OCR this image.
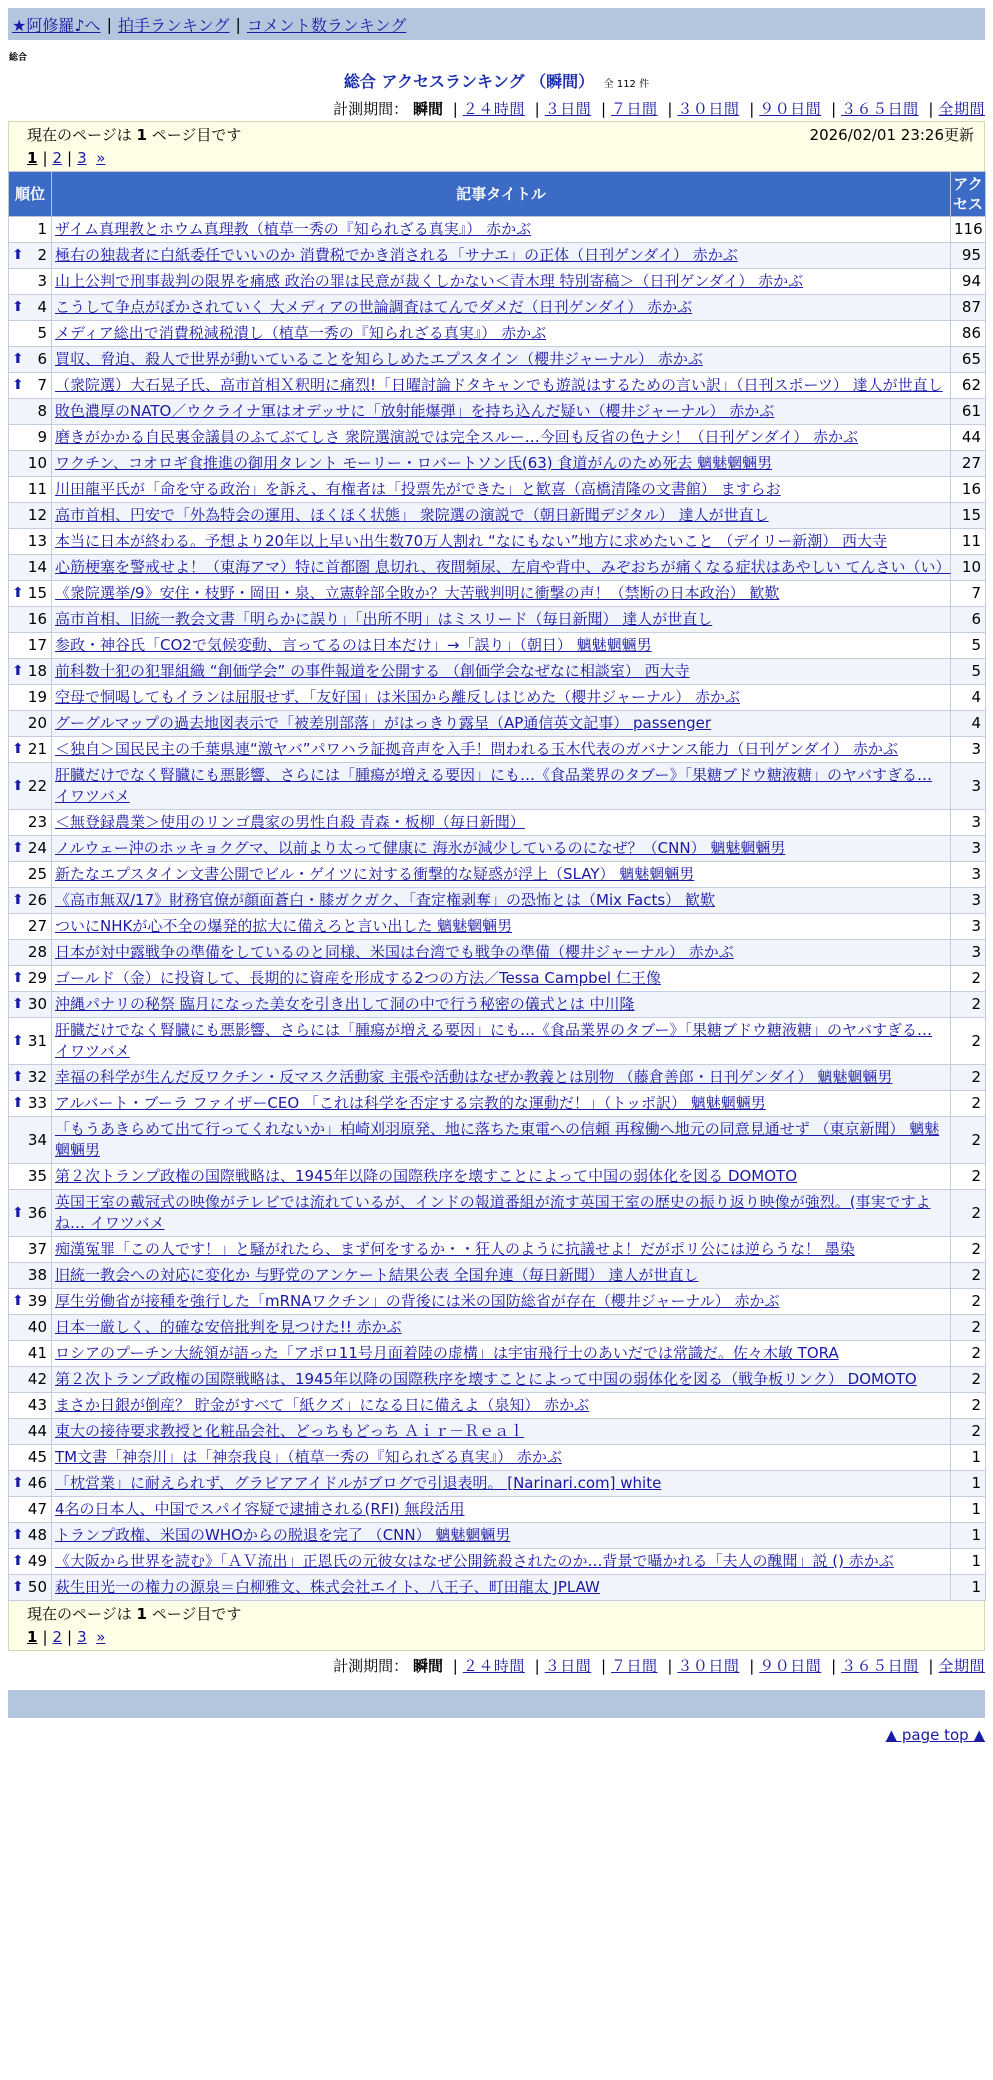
★阿修羅♪へ | 拍手ランキング | コメント数ランキング
総合
総合 アクセスランキング （瞬間） 全 112 件
計測期間： 瞬間 | ２４時間 | ３日間 | ７日間 | ３０日間 | ９０日間 | ３６５日間 | 全期間
現在のページは 1 ページ目です	2026/02/01 23:26更新
1 | 2 | 3 »
順位	記事タイトル	アクセス
1	ザイム真理教とホウム真理教（植草一秀の『知られざる真実』） 赤かぶ	116

⬆ 2	極右の独裁者に白紙委任でいいのか 消費税でかき消される「サナエ」の正体（日刊ゲンダイ） 赤かぶ	95
3	山上公判で刑事裁判の限界を痛感 政治の罪は民意が裁くしかない＜青木理 特別寄稿＞（日刊ゲンダイ） 赤かぶ	94

⬆ 4	こうして争点がぼかされていく 大メディアの世論調査はてんでダメだ（日刊ゲンダイ） 赤かぶ	87
5	メディア総出で消費税減税潰し（植草一秀の『知られざる真実』） 赤かぶ	86

⬆ 6	買収、脅迫、殺人で世界が動いていることを知らしめたエプスタイン（櫻井ジャーナル） 赤かぶ	65

⬆ 7	（衆院選）大石晃子氏、高市首相Ｘ釈明に痛烈!「日曜討論ドタキャンでも遊説はするための言い訳」（日刊スポーツ） 達人が世直し	62
8	敗色濃厚のNATO／ウクライナ軍はオデッサに「放射能爆弾」を持ち込んだ疑い（櫻井ジャーナル） 赤かぶ	61
9	磨きがかかる自民裏金議員のふてぶてしさ 衆院選演説では完全スルー…今回も反省の色ナシ！（日刊ゲンダイ） 赤かぶ	44
10	ワクチン、コオロギ食推進の御用タレント モーリー・ロバートソン氏(63) 食道がんのため死去 魑魅魍魎男	27
11	川田龍平氏が「命を守る政治」を訴え、有権者は「投票先ができた」と歓喜（高橋清隆の文書館） ますらお	16
12	高市首相、円安で「外為特会の運用、ほくほく状態」 衆院選の演説で（朝日新聞デジタル） 達人が世直し	15
13	本当に日本が終わる。予想より20年以上早い出生数70万人割れ “なにもない”地方に求めたいこと （デイリー新潮） 西大寺	11
14	心筋梗塞を警戒せよ！（東海アマ）特に首都圏 息切れ、夜間頻尿、左肩や背中、みぞおちが痛くなる症状はあやしい てんさい（い）	10

⬆ 15	《衆院選挙/9》安住・枝野・岡田・泉、立憲幹部全敗か？大苦戦判明に衝撃の声！（禁断の日本政治） 歓歎	7
16	高市首相、旧統一教会文書「明らかに誤り」「出所不明」はミスリード（毎日新聞） 達人が世直し	6
17	参政・神谷氏「CO2で気候変動、言ってるのは日本だけ」→「誤り」（朝日） 魑魅魍魎男	5

⬆ 18	前科数十犯の犯罪組織 “創価学会” の事件報道を公開する （創価学会なぜなに相談室） 西大寺	5
19	空母で恫喝してもイランは屈服せず、「友好国」は米国から離反しはじめた（櫻井ジャーナル） 赤かぶ	4
20	グーグルマップの過去地図表示で「被差別部落」がはっきり露呈（AP通信英文記事） passenger	4

⬆ 21	＜独自＞国民民主の千葉県連“激ヤバ”パワハラ証拠音声を入手！問われる玉木代表のガバナンス能力（日刊ゲンダイ） 赤かぶ	3

⬆ 22	肝臓だけでなく腎臓にも悪影響、さらには「腫瘍が増える要因」にも…《食品業界のタブー》「果糖ブドウ糖液糖」のヤバすぎる… イワツバメ	3
23	＜無登録農業＞使用のリンゴ農家の男性自殺 青森・板柳（毎日新聞）	3

⬆ 24	ノルウェー沖のホッキョクグマ、以前より太って健康に 海氷が減少しているのになぜ？（CNN） 魑魅魍魎男	3
25	新たなエプスタイン文書公開でビル・ゲイツに対する衝撃的な疑惑が浮上（SLAY） 魑魅魍魎男	3

⬆ 26	《高市無双/17》財務官僚が顔面蒼白・膝ガクガク、「査定権剥奪」の恐怖とは（Mix Facts） 歓歎	3
27	ついにNHKが心不全の爆発的拡大に備えろと言い出した 魑魅魍魎男	3
28	日本が対中露戦争の準備をしているのと同様、米国は台湾でも戦争の準備（櫻井ジャーナル） 赤かぶ	3

⬆ 29	ゴールド（金）に投資して、長期的に資産を形成する2つの方法／Tessa Campbel 仁王像	2

⬆ 30	沖縄パナリの秘祭 臨月になった美女を引き出して洞の中で行う秘密の儀式とは 中川隆	2

⬆ 31	肝臓だけでなく腎臓にも悪影響、さらには「腫瘍が増える要因」にも…《食品業界のタブー》「果糖ブドウ糖液糖」のヤバすぎる… イワツバメ	2

⬆ 32	幸福の科学が生んだ反ワクチン・反マスク活動家 主張や活動はなぜか教義とは別物 （藤倉善郎・日刊ゲンダイ） 魑魅魍魎男	2

⬆ 33	アルバート・ブーラ ファイザーCEO 「これは科学を否定する宗教的な運動だ！」（トッポ訳） 魑魅魍魎男	2
34	「もうあきらめて出て行ってくれないか」柏崎刈羽原発、地に落ちた東電への信頼 再稼働へ地元の同意見通せず （東京新聞） 魑魅魍魎男	2
35	第２次トランプ政権の国際戦略は、1945年以降の国際秩序を壊すことによって中国の弱体化を図る DOMOTO	2

⬆ 36	英国王室の戴冠式の映像がテレビでは流れているが、インドの報道番組が流す英国王室の歴史の振り返り映像が強烈。(事実ですよね… イワツバメ	2
37	痴漢冤罪「この人です！」と騒がれたら、まず何をするか・・狂人のように抗議せよ！だがポリ公には逆らうな！ 墨染	2
38	旧統一教会への対応に変化か 与野党のアンケート結果公表 全国弁連（毎日新聞） 達人が世直し	2

⬆ 39	厚生労働省が接種を強行した「mRNAワクチン」の背後には米の国防総省が存在（櫻井ジャーナル） 赤かぶ	2
40	日本一厳しく、的確な安倍批判を見つけた!! 赤かぶ	2
41	ロシアのプーチン大統領が語った「アポロ11号月面着陸の虚構」は宇宙飛行士のあいだでは常識だ。佐々木敏 TORA	2
42	第２次トランプ政権の国際戦略は、1945年以降の国際秩序を壊すことによって中国の弱体化を図る（戦争板リンク） DOMOTO	2
43	まさか日銀が倒産？ 貯金がすべて「紙クズ」になる日に備えよ（泉知） 赤かぶ	2
44	東大の接待要求教授と化粧品会社、どっちもどっち Ａｉｒ－Ｒｅａｌ	2
45	TM文書「神奈川」は「神奈我良」（植草一秀の『知られざる真実』） 赤かぶ	1

⬆ 46	「枕営業」に耐えられず、グラビアアイドルがブログで引退表明。 [Narinari.com] white	1
47	4名の日本人、中国でスパイ容疑で逮捕される(RFI) 無段活用	1

⬆ 48	トランプ政権、米国のWHOからの脱退を完了 （CNN） 魑魅魍魎男	1

⬆ 49	《大阪から世界を読む》「ＡＶ流出」正恩氏の元彼女はなぜ公開銃殺されたのか…背景で囁かれる「夫人の醜聞」説 () 赤かぶ	1

⬆ 50	萩生田光一の権力の源泉＝白柳雅文、株式会社エイト、八王子、町田龍太 JPLAW	1
現在のページは 1 ページ目です
1 | 2 | 3 »
計測期間： 瞬間 | ２４時間 | ３日間 | ７日間 | ３０日間 | ９０日間 | ３６５日間 | 全期間
▲ page top ▲
